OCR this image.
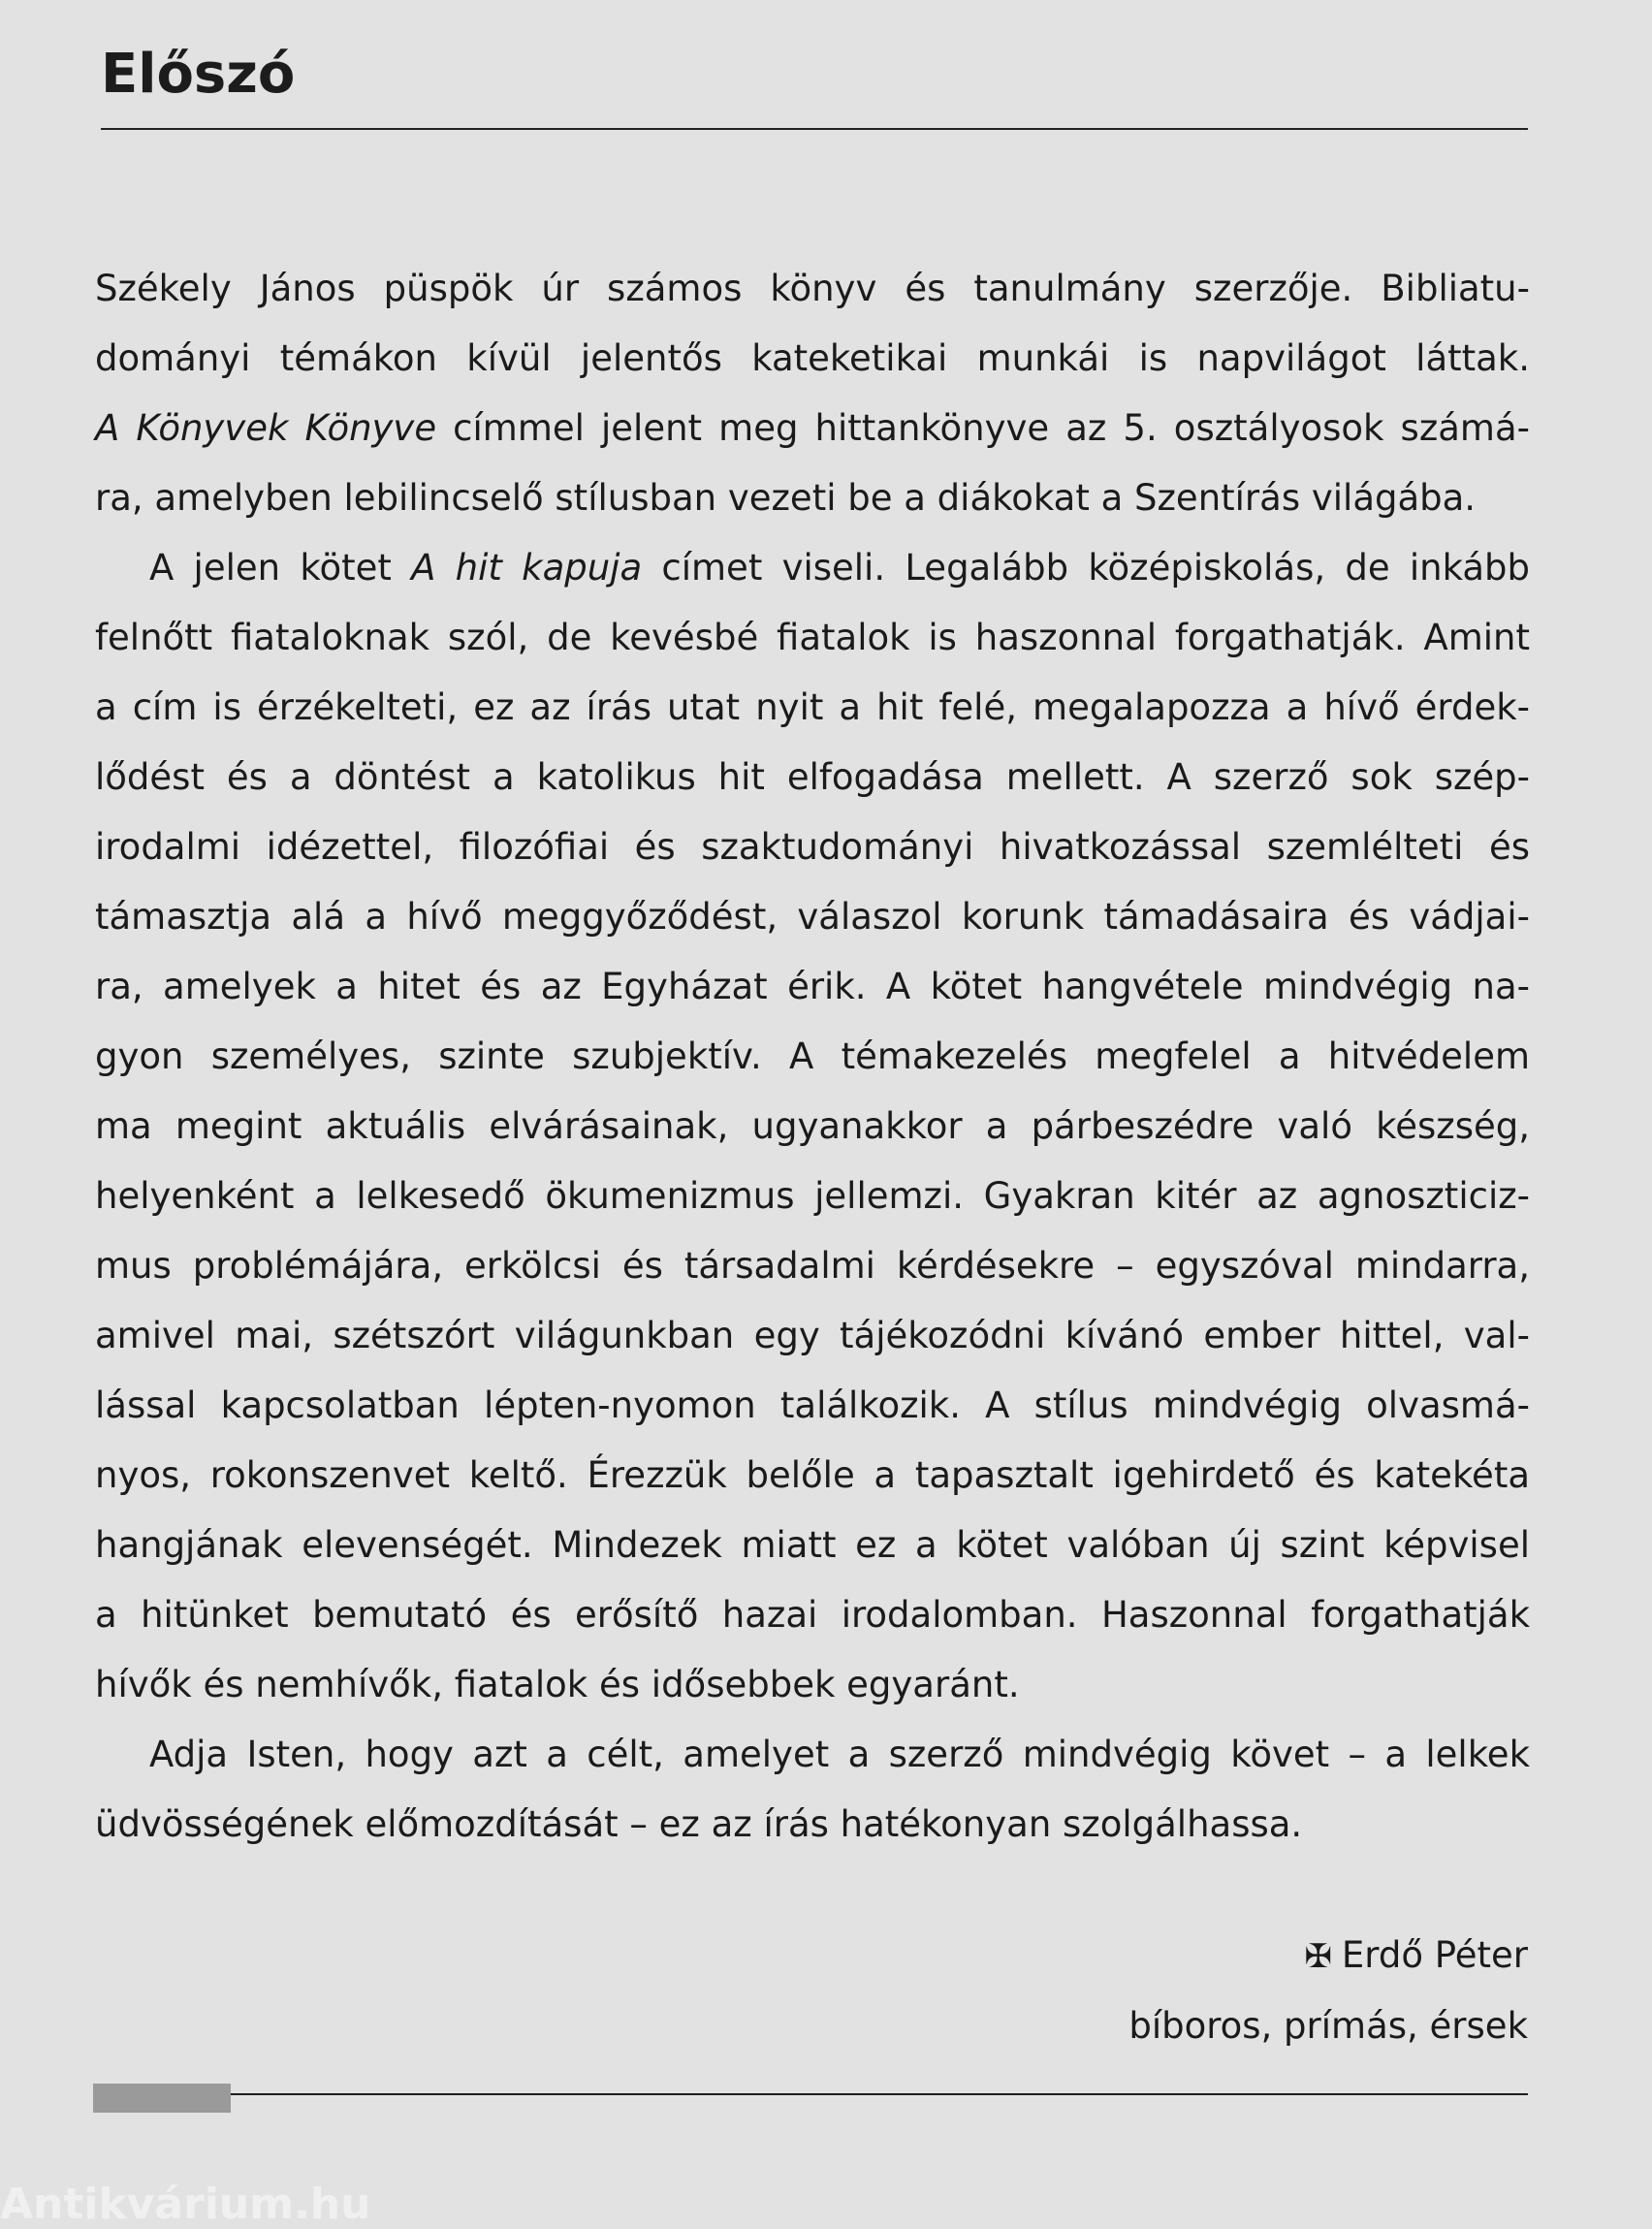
Előszó
Székely János püspök úr számos könyv és tanulmány szerzője. Bibliatu-
dományi témákon kívül jelentős kateketikai munkái is napvilágot láttak.
A Könyvek Könyve címmel jelent meg hittankönyve az 5. osztályosok számá-
ra, amelyben lebilincselő stílusban vezeti be a diákokat a Szentírás világába.
A jelen kötet A hit kapuja címet viseli. Legalább középiskolás, de inkább
felnőtt fiataloknak szól, de kevésbé fiatalok is haszonnal forgathatják. Amint
a cím is érzékelteti, ez az írás utat nyit a hit felé, megalapozza a hívő érdek-
lődést és a döntést a katolikus hit elfogadása mellett. A szerző sok szép-
irodalmi idézettel, filozófiai és szaktudományi hivatkozással szemlélteti és
támasztja alá a hívő meggyőződést, válaszol korunk támadásaira és vádjai-
ra, amelyek a hitet és az Egyházat érik. A kötet hangvétele mindvégig na-
gyon személyes, szinte szubjektív. A témakezelés megfelel a hitvédelem
ma megint aktuális elvárásainak, ugyanakkor a párbeszédre való készség,
helyenként a lelkesedő ökumenizmus jellemzi. Gyakran kitér az agnoszticiz-
mus problémájára, erkölcsi és társadalmi kérdésekre – egyszóval mindarra,
amivel mai, szétszórt világunkban egy tájékozódni kívánó ember hittel, val-
lással kapcsolatban lépten-nyomon találkozik. A stílus mindvégig olvasmá-
nyos, rokonszenvet keltő. Érezzük belőle a tapasztalt igehirdető és katekéta
hangjának elevenségét. Mindezek miatt ez a kötet valóban új szint képvisel
a hitünket bemutató és erősítő hazai irodalomban. Haszonnal forgathatják
hívők és nemhívők, fiatalok és idősebbek egyaránt.
Adja Isten, hogy azt a célt, amelyet a szerző mindvégig követ – a lelkek
üdvösségének előmozdítását – ez az írás hatékonyan szolgálhassa.
✠ Erdő Péter
bíboros, prímás, érsek
Antikvárium.hu
